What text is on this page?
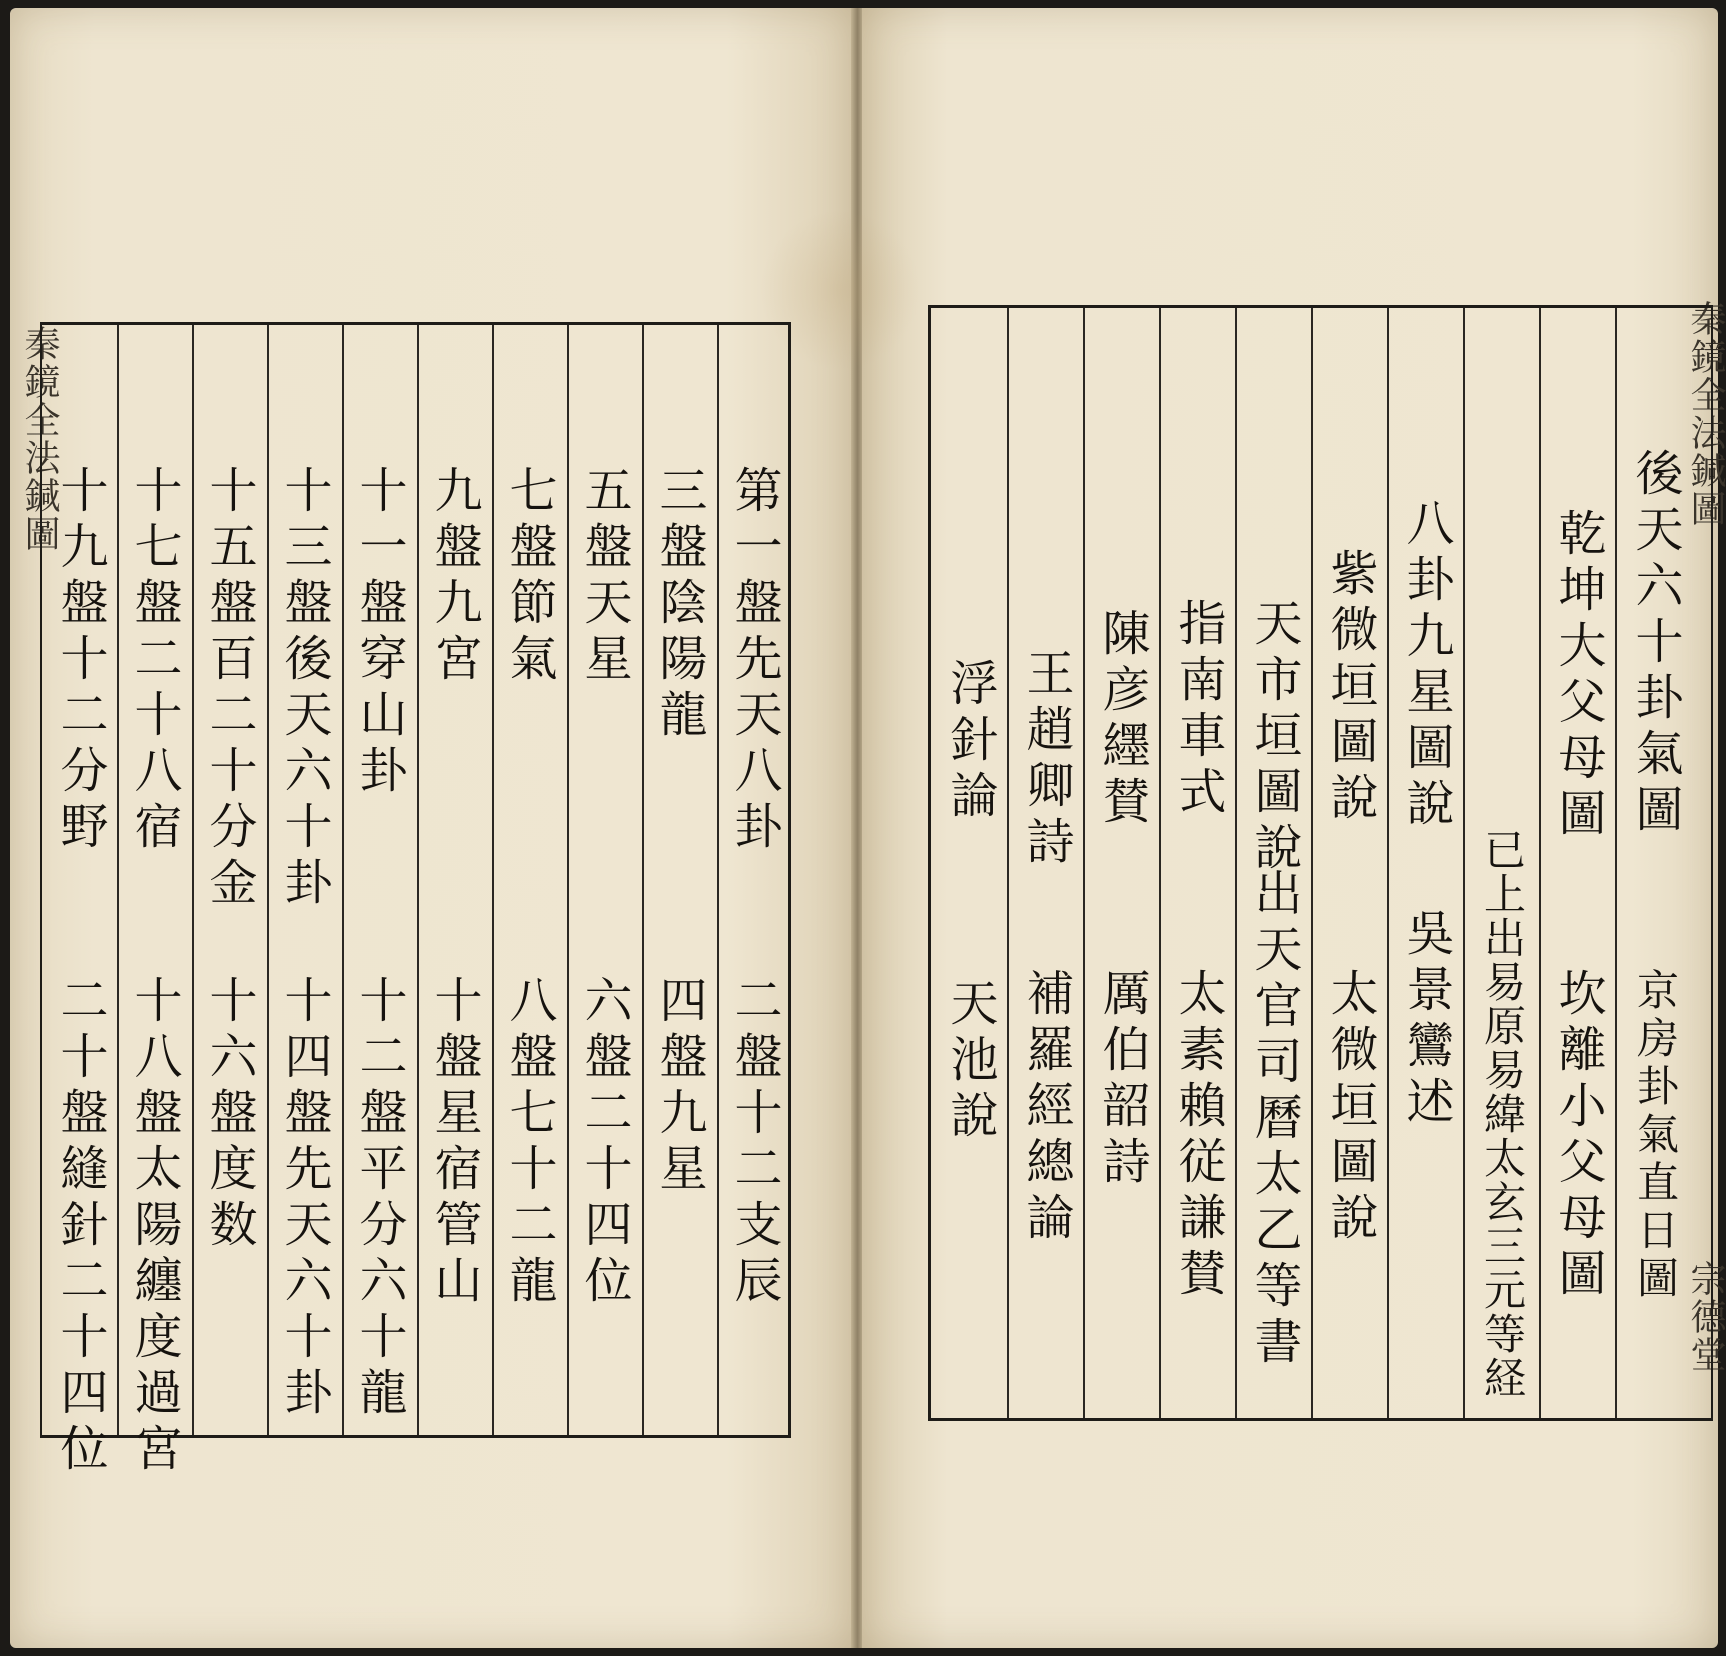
秦鏡全法鍼圖
第一盤先天八卦
二盤十二支辰
三盤陰陽龍
四盤九星
五盤天星
六盤二十四位
七盤節氣
八盤七十二龍
九盤九宮
十盤星宿管山
十一盤穿山卦
十二盤平分六十龍
十三盤後天六十卦
十四盤先天六十卦
十五盤百二十分金
十六盤度数
十七盤二十八宿
十八盤太陽纏度過宮
十九盤十二分野
二十盤縫針二十四位
秦鏡全法鍼圖
宗德堂
後天六十卦氣圖
京房卦氣直日圖
乾坤大父母圖
坎離小父母圖
已上出易原易緯太玄三元等経
八卦九星圖說
吳景鸞述
紫微垣圖說
太微垣圖說
天市垣圖說
出天官司曆太乙等書
指南車式
太素賴従謙賛
陳彦纆賛
厲伯韶詩
王趙卿詩
補羅經總論
浮針論
天池說
